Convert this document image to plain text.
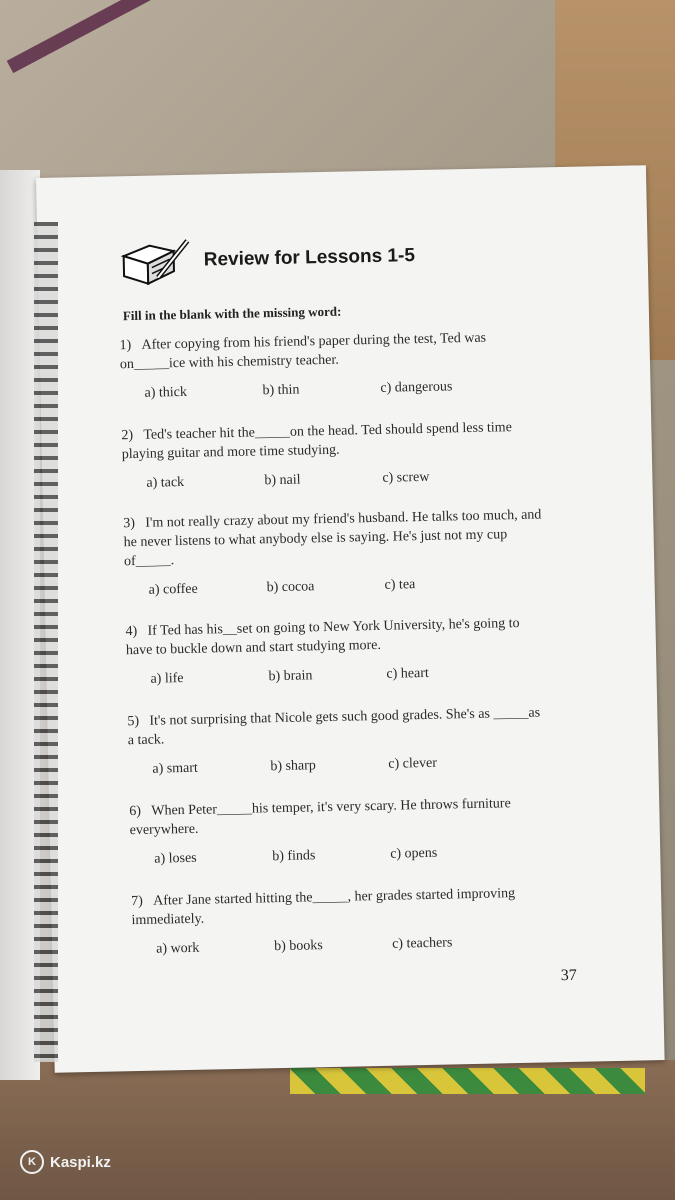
Review for Lessons 1-5
Fill in the blank with the missing word:
1) After copying from his friend's paper during the test, Ted was on_____ice with his chemistry teacher.
a) thick	b) thin	c) dangerous
2) Ted's teacher hit the_____on the head. Ted should spend less time playing guitar and more time studying.
a) tack	b) nail	c) screw
3) I'm not really crazy about my friend's husband. He talks too much, and he never listens to what anybody else is saying. He's just not my cup of_____.
a) coffee	b) cocoa	c) tea
4) If Ted has his__set on going to New York University, he's going to have to buckle down and start studying more.
a) life	b) brain	c) heart
5) It's not surprising that Nicole gets such good grades. She's as _____as a tack.
a) smart	b) sharp	c) clever
6) When Peter_____his temper, it's very scary. He throws furniture everywhere.
a) loses	b) finds	c) opens
7) After Jane started hitting the_____, her grades started improving immediately.
a) work	b) books	c) teachers
37
K Kaspi.kz
